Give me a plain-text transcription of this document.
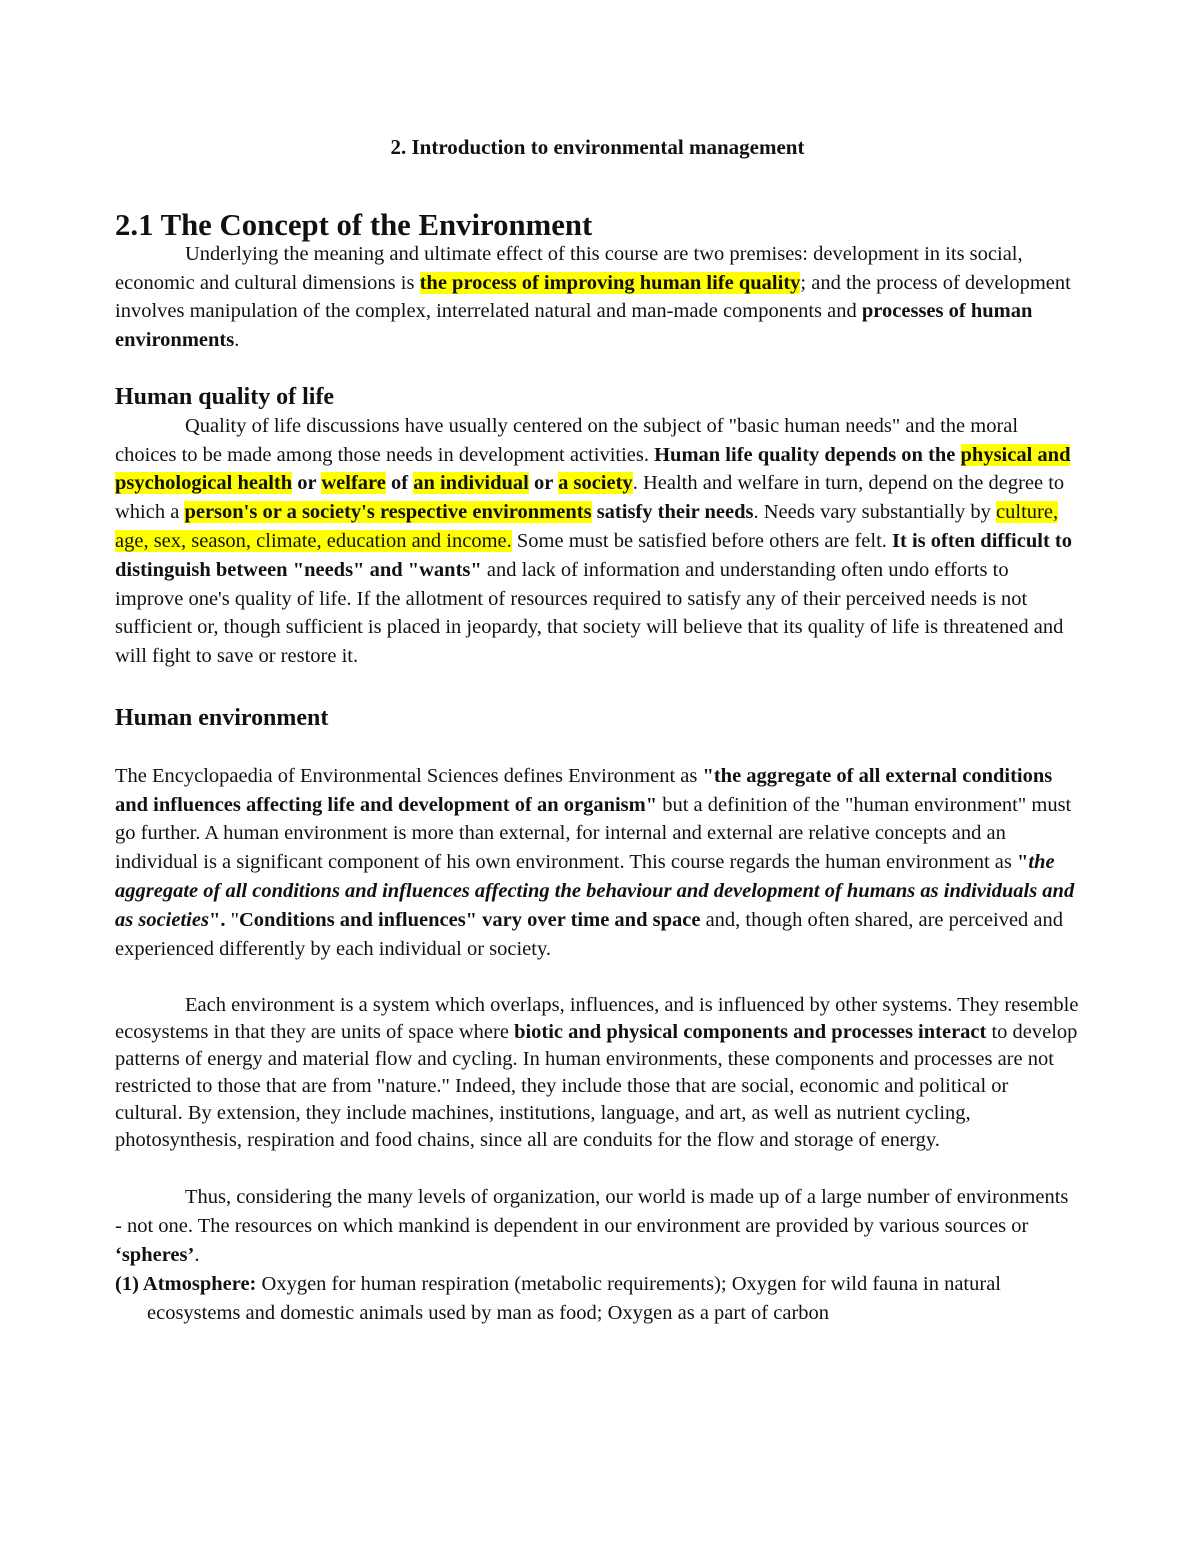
2. Introduction to environmental management
2.1 The Concept of the Environment

Underlying the meaning and ultimate effect of this course are two premises: development in its social, economic and cultural dimensions is the process of improving human life quality; and the process of development involves manipulation of the complex, interrelated natural and man-made components and processes of human environments.

Human quality of life

Quality of life discussions have usually centered on the subject of "basic human needs" and the moral choices to be made among those needs in development activities. Human life quality depends on the physical and psychological health or welfare of an individual or a society. Health and welfare in turn, depend on the degree to which a person's or a society's respective environments satisfy their needs. Needs vary substantially by culture, age, sex, season, climate, education and income. Some must be satisfied before others are felt. It is often difficult to distinguish between "needs" and "wants" and lack of information and understanding often undo efforts to improve one's quality of life. If the allotment of resources required to satisfy any of their perceived needs is not sufficient or, though sufficient is placed in jeopardy, that society will believe that its quality of life is threatened and will fight to save or restore it.

Human environment

The Encyclopaedia of Environmental Sciences defines Environment as "the aggregate of all external conditions and influences affecting life and development of an organism" but a definition of the "human environment" must go further. A human environment is more than external, for internal and external are relative concepts and an individual is a significant component of his own environment. This course regards the human environment as "the aggregate of all conditions and influences affecting the behaviour and development of humans as individuals and as societies". "Conditions and influences" vary over time and space and, though often shared, are perceived and experienced differently by each individual or society.

Each environment is a system which overlaps, influences, and is influenced by other systems. They resemble ecosystems in that they are units of space where biotic and physical components and processes interact to develop patterns of energy and material flow and cycling. In human environments, these components and processes are not restricted to those that are from "nature." Indeed, they include those that are social, economic and political or cultural. By extension, they include machines, institutions, language, and art, as well as nutrient cycling, photosynthesis, respiration and food chains, since all are conduits for the flow and storage of energy.

Thus, considering the many levels of organization, our world is made up of a large number of environments - not one. The resources on which mankind is dependent in our environment are provided by various sources or ‘spheres’.

(1) Atmosphere: Oxygen for human respiration (metabolic requirements); Oxygen for wild fauna in natural ecosystems and domestic animals used by man as food; Oxygen as a part of carbon
